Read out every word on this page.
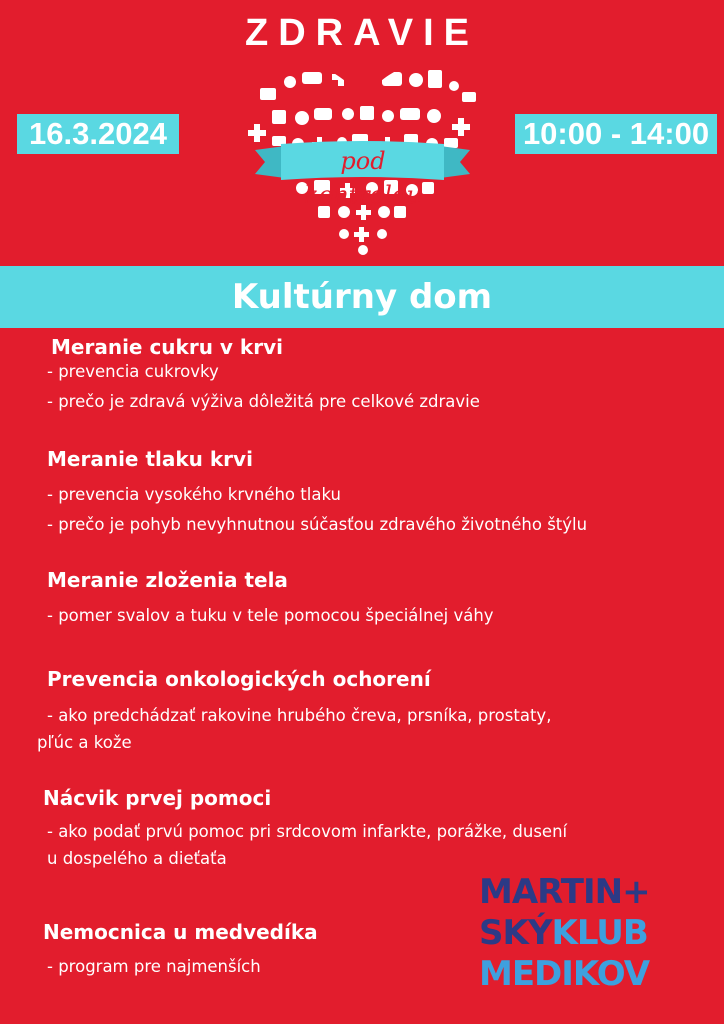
ZDRAVIE
16.3.2024	10:00 - 14:00
pod kontrolou
Kultúrny dom
Meranie cukru v krvi
- prevencia cukrovky
- prečo je zdravá výživa dôležitá pre celkové zdravie
Meranie tlaku krvi
- prevencia vysokého krvného tlaku
- prečo je pohyb nevyhnutnou súčasťou zdravého životného štýlu
Meranie zloženia tela
- pomer svalov a tuku v tele pomocou špeciálnej váhy
Prevencia onkologických ochorení
- ako predchádzať rakovine hrubého čreva, prsníka, prostaty,
pľúc a kože
Nácvik prvej pomoci
- ako podať prvú pomoc pri srdcovom infarkte, porážke, dusení
u dospelého a dieťaťa
Nemocnica u medvedíka
- program pre najmenších
MARTIN+
SKÝKLUB
MEDIKOV
